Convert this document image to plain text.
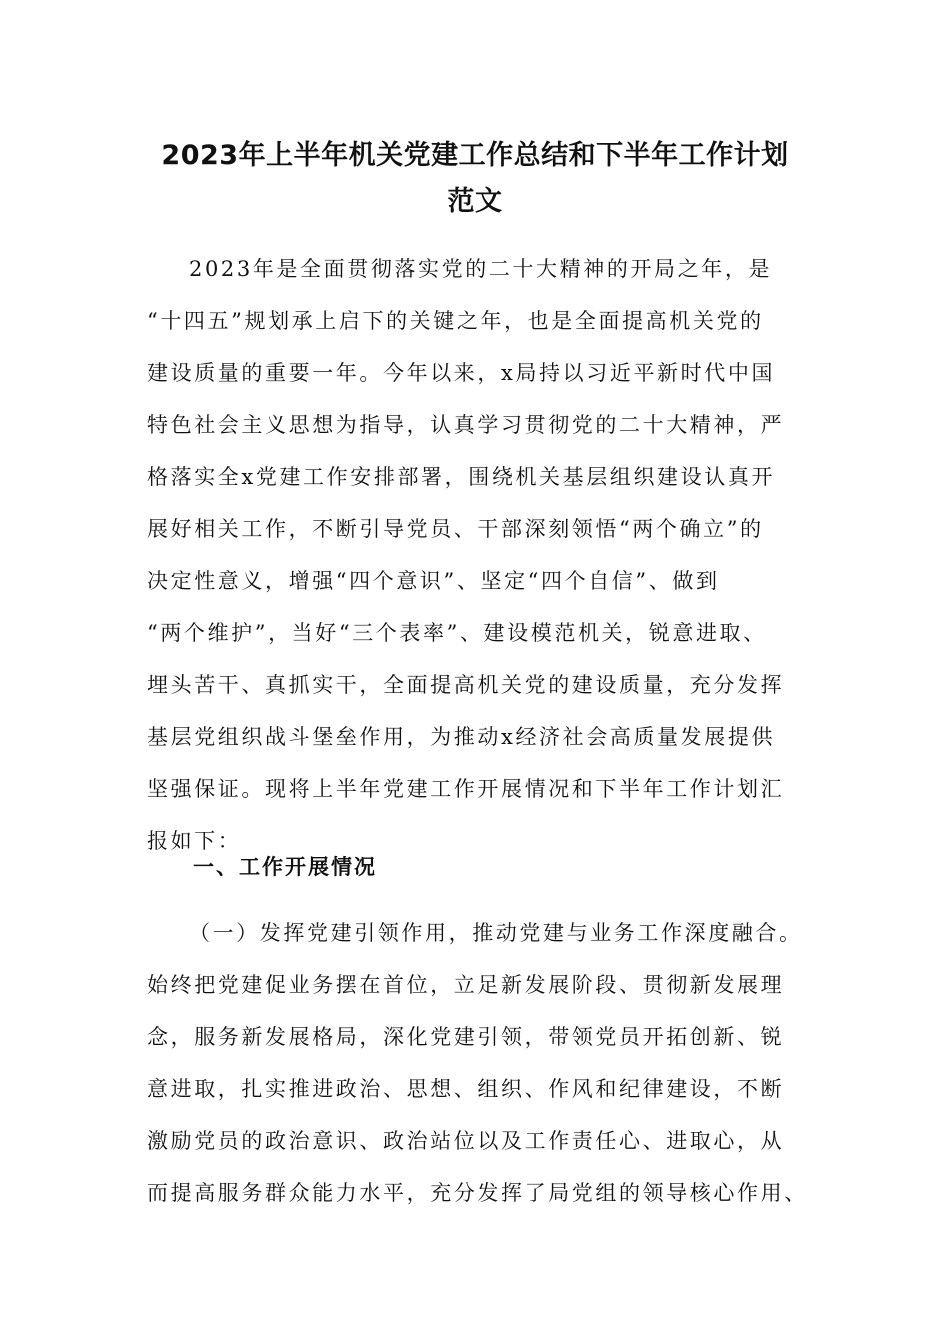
2023年上半年机关党建工作总结和下半年工作计划
范文
2023年是全面贯彻落实党的二十大精神的开局之年，是
“十四五”规划承上启下的关键之年，也是全面提高机关党的
建设质量的重要一年。今年以来，x局持以习近平新时代中国
特色社会主义思想为指导，认真学习贯彻党的二十大精神，严
格落实全x党建工作安排部署，围绕机关基层组织建设认真开
展好相关工作，不断引导党员、干部深刻领悟“两个确立”的
决定性意义，增强“四个意识”、坚定“四个自信”、做到
“两个维护”，当好“三个表率”、建设模范机关，锐意进取、
埋头苦干、真抓实干，全面提高机关党的建设质量，充分发挥
基层党组织战斗堡垒作用，为推动x经济社会高质量发展提供
坚强保证。现将上半年党建工作开展情况和下半年工作计划汇
报如下：
一、工作开展情况
（一）发挥党建引领作用，推动党建与业务工作深度融合。
始终把党建促业务摆在首位，立足新发展阶段、贯彻新发展理
念，服务新发展格局，深化党建引领，带领党员开拓创新、锐
意进取，扎实推进政治、思想、组织、作风和纪律建设，不断
激励党员的政治意识、政治站位以及工作责任心、进取心，从
而提高服务群众能力水平，充分发挥了局党组的领导核心作用、
